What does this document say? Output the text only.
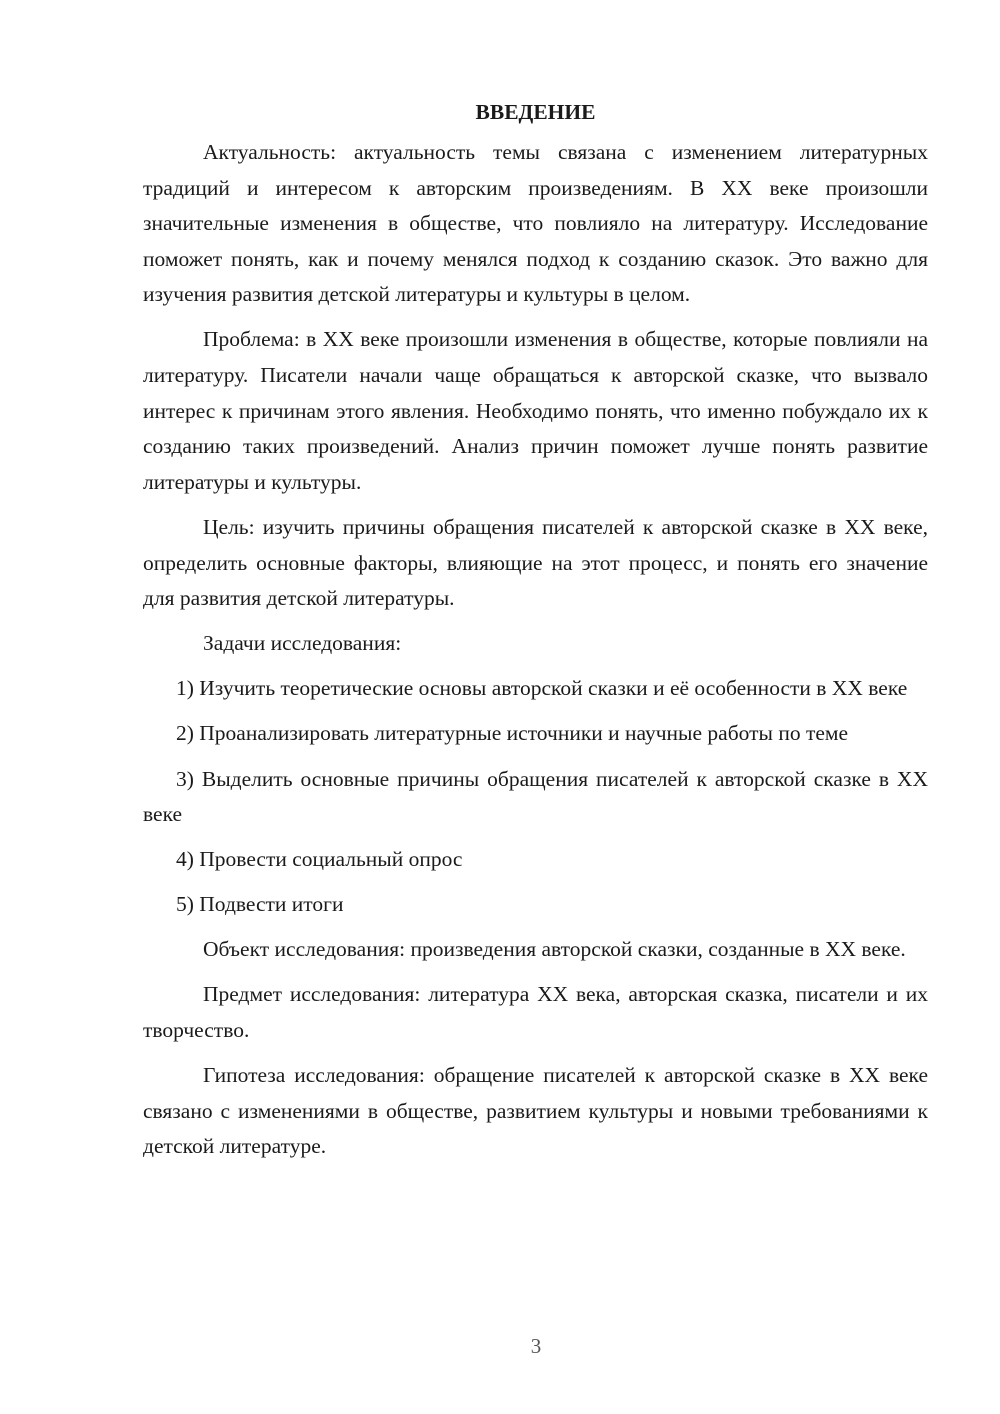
ВВЕДЕНИЕ

Актуальность: актуальность темы связана с изменением литературных традиций и интересом к авторским произведениям. В XX веке произошли значительные изменения в обществе, что повлияло на литературу. Исследование поможет понять, как и почему менялся подход к созданию сказок. Это важно для изучения развития детской литературы и культуры в целом.

Проблема: в XX веке произошли изменения в обществе, которые повлияли на литературу. Писатели начали чаще обращаться к авторской сказке, что вызвало интерес к причинам этого явления. Необходимо понять, что именно побуждало их к созданию таких произведений. Анализ причин поможет лучше понять развитие литературы и культуры.

Цель: изучить причины обращения писателей к авторской сказке в XX веке, определить основные факторы, влияющие на этот процесс, и понять его значение для развития детской литературы.

Задачи исследования:

1) Изучить теоретические основы авторской сказки и её особенности в XX веке

2) Проанализировать литературные источники и научные работы по теме

3) Выделить основные причины обращения писателей к авторской сказке в XX веке

4) Провести социальный опрос

5) Подвести итоги

Объект исследования: произведения авторской сказки, созданные в XX веке.

Предмет исследования: литература XX века, авторская сказка, писатели и их творчество.

Гипотеза исследования: обращение писателей к авторской сказке в XX веке связано с изменениями в обществе, развитием культуры и новыми требованиями к детской литературе.

3
